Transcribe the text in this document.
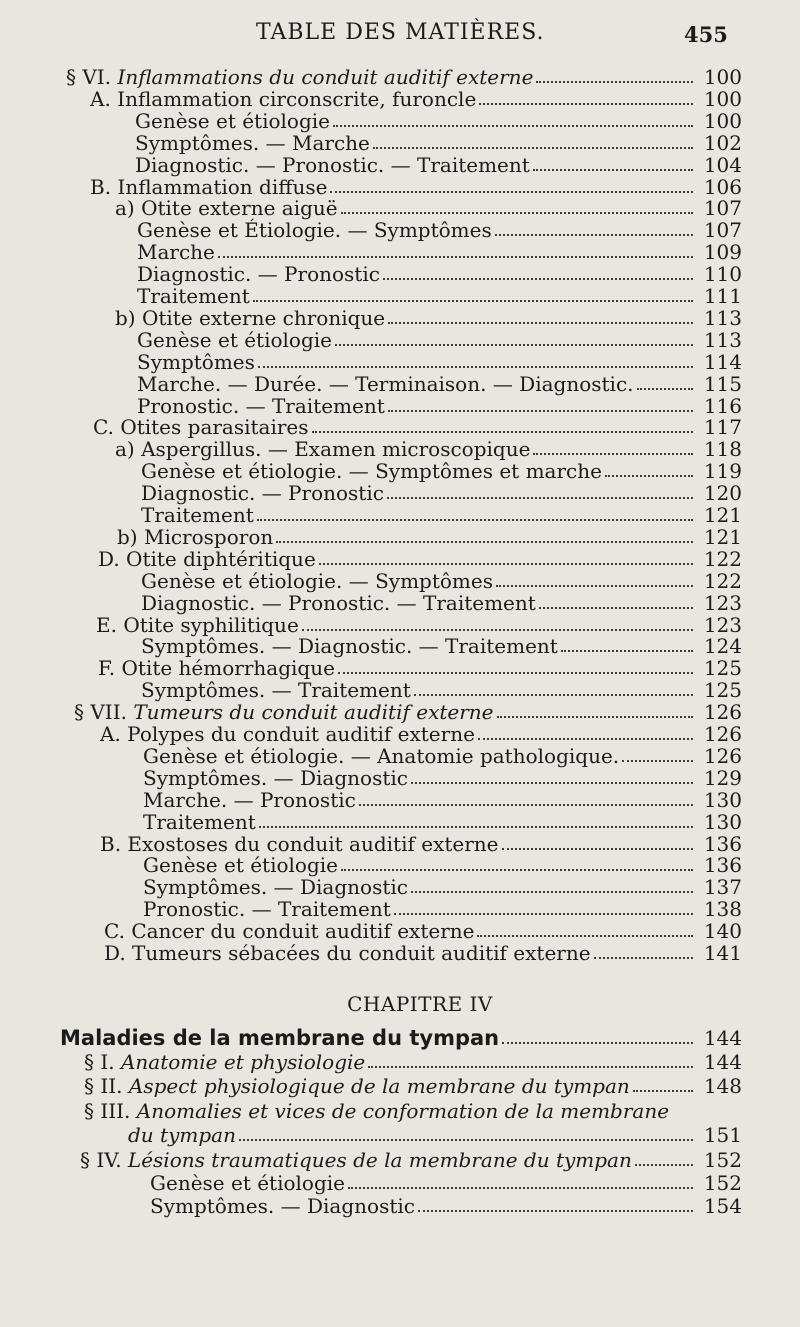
TABLE DES MATIÈRES.	455
§ VI. Inflammations du conduit auditif externe	100
A. Inflammation circonscrite, furoncle	100
Genèse et étiologie	100
Symptômes. — Marche	102
Diagnostic. — Pronostic. — Traitement	104
B. Inflammation diffuse	106
a) Otite externe aiguë	107
Genèse et Étiologie. — Symptômes	107
Marche	109
Diagnostic. — Pronostic	110
Traitement	111
b) Otite externe chronique	113
Genèse et étiologie	113
Symptômes	114
Marche. — Durée. — Terminaison. — Diagnostic.	115
Pronostic. — Traitement	116
C. Otites parasitaires	117
a) Aspergillus. — Examen microscopique	118
Genèse et étiologie. — Symptômes et marche	119
Diagnostic. — Pronostic	120
Traitement	121
b) Microsporon	121
D. Otite diphtéritique	122
Genèse et étiologie. — Symptômes	122
Diagnostic. — Pronostic. — Traitement	123
E. Otite syphilitique	123
Symptômes. — Diagnostic. — Traitement	124
F. Otite hémorrhagique	125
Symptômes. — Traitement	125
§ VII. Tumeurs du conduit auditif externe	126
A. Polypes du conduit auditif externe	126
Genèse et étiologie. — Anatomie pathologique.	126
Symptômes. — Diagnostic	129
Marche. — Pronostic	130
Traitement	130
B. Exostoses du conduit auditif externe	136
Genèse et étiologie	136
Symptômes. — Diagnostic	137
Pronostic. — Traitement	138
C. Cancer du conduit auditif externe	140
D. Tumeurs sébacées du conduit auditif externe	141
CHAPITRE IV
Maladies de la membrane du tympan	144
§ I. Anatomie et physiologie	144
§ II. Aspect physiologique de la membrane du tympan	148
§ III. Anomalies et vices de conformation de la membrane
du tympan	151
§ IV. Lésions traumatiques de la membrane du tympan	152
Genèse et étiologie	152
Symptômes. — Diagnostic	154
